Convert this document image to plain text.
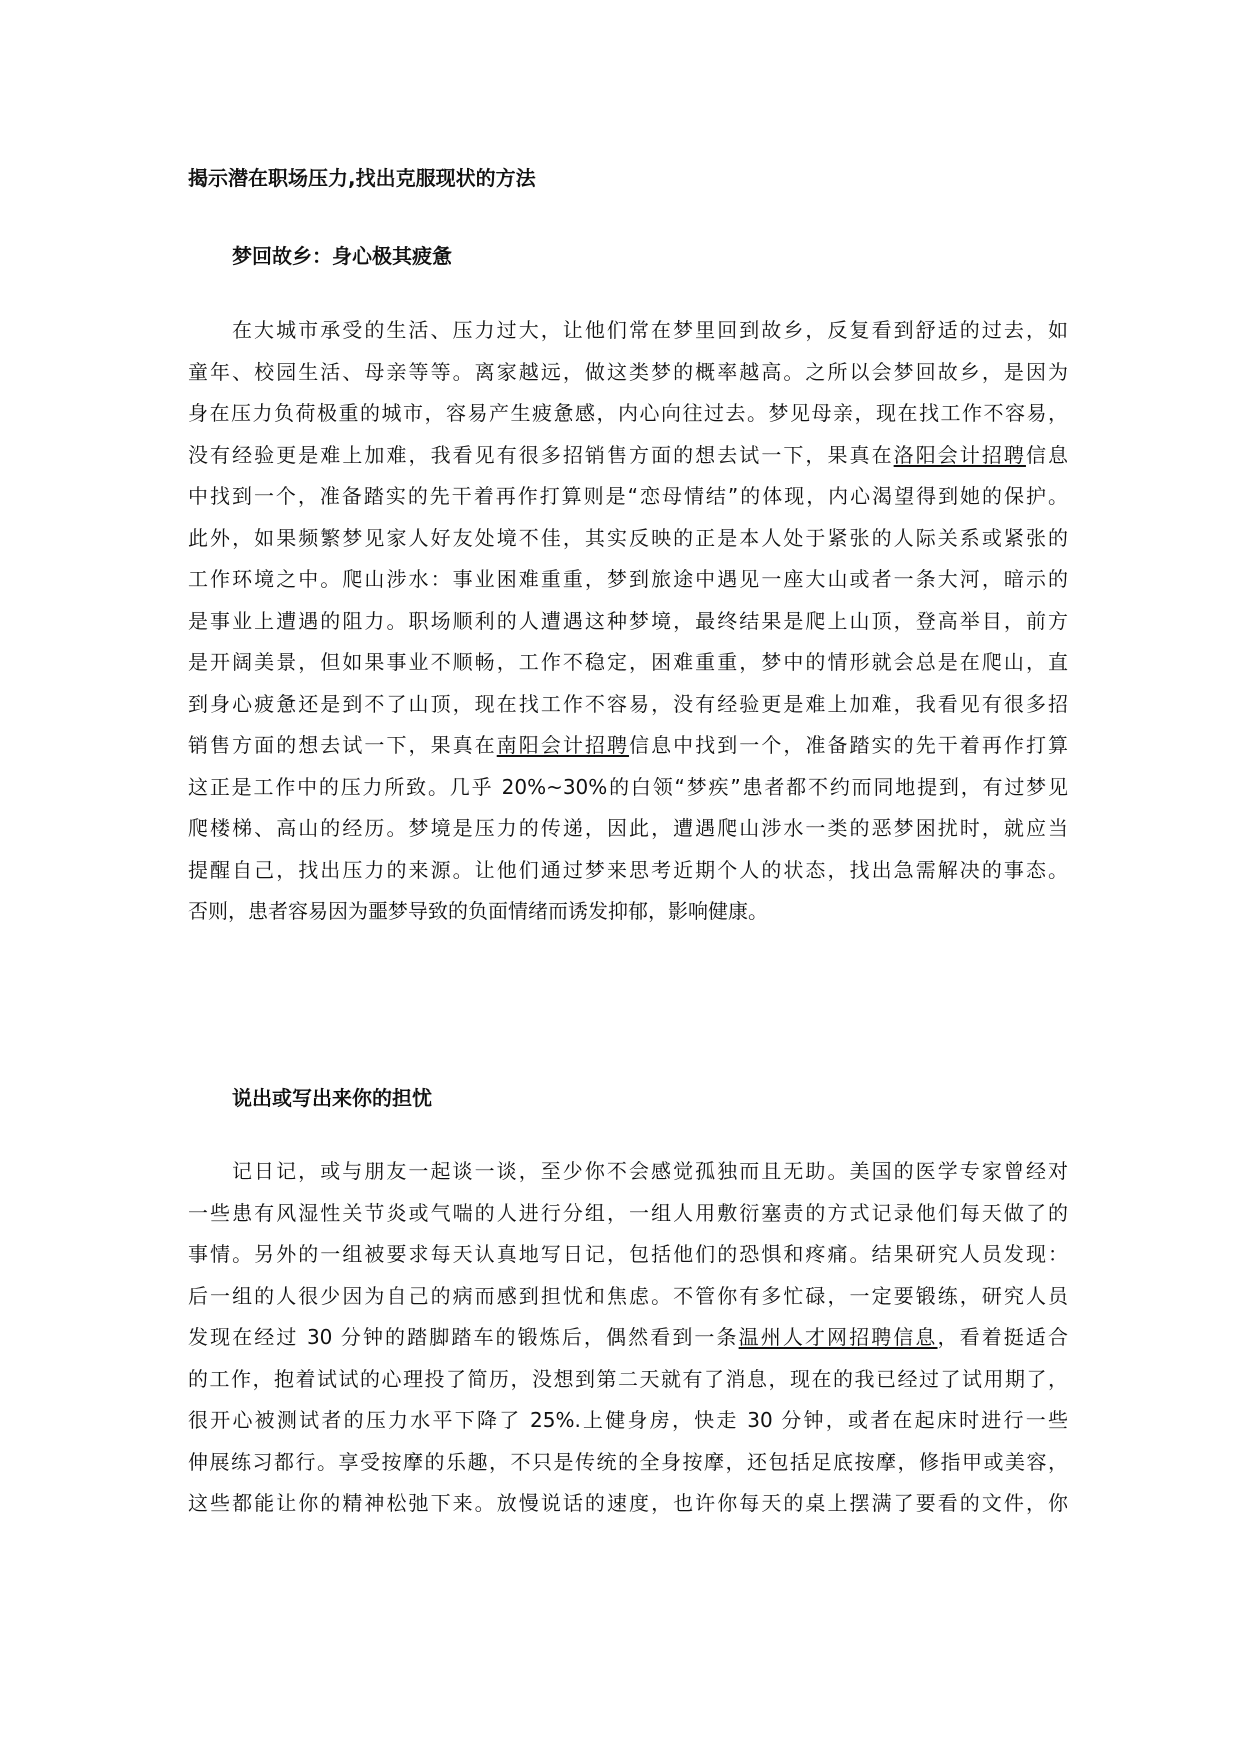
揭示潜在职场压力,找出克服现状的方法
梦回故乡：身心极其疲惫
在大城市承受的生活、压力过大，让他们常在梦里回到故乡，反复看到舒适的过去，如
童年、校园生活、母亲等等。离家越远，做这类梦的概率越高。之所以会梦回故乡，是因为
身在压力负荷极重的城市，容易产生疲惫感，内心向往过去。梦见母亲，现在找工作不容易，
没有经验更是难上加难，我看见有很多招销售方面的想去试一下，果真在洛阳会计招聘信息
中找到一个，准备踏实的先干着再作打算则是“恋母情结”的体现，内心渴望得到她的保护。
此外，如果频繁梦见家人好友处境不佳，其实反映的正是本人处于紧张的人际关系或紧张的
工作环境之中。爬山涉水：事业困难重重，梦到旅途中遇见一座大山或者一条大河，暗示的
是事业上遭遇的阻力。职场顺利的人遭遇这种梦境，最终结果是爬上山顶，登高举目，前方
是开阔美景，但如果事业不顺畅，工作不稳定，困难重重，梦中的情形就会总是在爬山，直
到身心疲惫还是到不了山顶，现在找工作不容易，没有经验更是难上加难，我看见有很多招
销售方面的想去试一下，果真在南阳会计招聘信息中找到一个，准备踏实的先干着再作打算
这正是工作中的压力所致。几乎 20%~30%的白领“梦疾”患者都不约而同地提到，有过梦见
爬楼梯、高山的经历。梦境是压力的传递，因此，遭遇爬山涉水一类的恶梦困扰时，就应当
提醒自己，找出压力的来源。让他们通过梦来思考近期个人的状态，找出急需解决的事态。
否则，患者容易因为噩梦导致的负面情绪而诱发抑郁，影响健康。
说出或写出来你的担忧
记日记，或与朋友一起谈一谈，至少你不会感觉孤独而且无助。美国的医学专家曾经对
一些患有风湿性关节炎或气喘的人进行分组，一组人用敷衍塞责的方式记录他们每天做了的
事情。另外的一组被要求每天认真地写日记，包括他们的恐惧和疼痛。结果研究人员发现：
后一组的人很少因为自己的病而感到担忧和焦虑。不管你有多忙碌，一定要锻练，研究人员
发现在经过 30 分钟的踏脚踏车的锻炼后，偶然看到一条温州人才网招聘信息，看着挺适合
的工作，抱着试试的心理投了简历，没想到第二天就有了消息，现在的我已经过了试用期了，
很开心被测试者的压力水平下降了 25%.上健身房，快走 30 分钟，或者在起床时进行一些
伸展练习都行。享受按摩的乐趣，不只是传统的全身按摩，还包括足底按摩，修指甲或美容，
这些都能让你的精神松弛下来。放慢说话的速度，也许你每天的桌上摆满了要看的文件，你
